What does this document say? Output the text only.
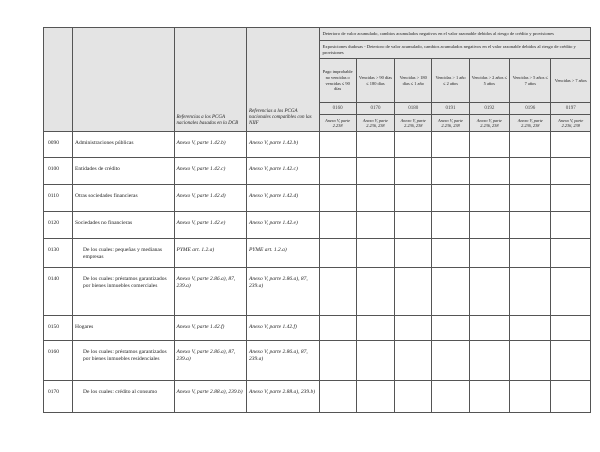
		Referencias a los PCGA nacionales basadas en la DCB	Referencias a los PCGA nacionales compatibles con las NIIF	Deterioro de valor acumulado, cambios acumulados negativos en el valor razonable debidos al riesgo de crédito y provisiones						
				Exposiciones dudosas - Deterioro de valor acumulado, cambios acumulados negativos en el valor razonable debidos al riesgo de crédito y provisiones						
				Pago improbable no vencidas o vencidas ≤ 90 días	Vencidas > 90 días ≤ 180 días	Vencidas > 180 días ≤ 1 año	Vencidas > 1 año ≤ 2 años	Vencidas > 2 años ≤ 5 años	Vencidas > 5 años ≤ 7 años	Vencidas > 7 años
				0160	0170	0180	0191	0192	0196	0197
				Anexo V, parte 2.238	Anexo V, parte 2.236, 238	Anexo V, parte 2.236, 238	Anexo V, parte 2.236, 238	Anexo V, parte 2.236, 238	Anexo V, parte 2.236, 238	Anexo V, parte 2.236, 238
0090	Administraciones públicas	Anexo V, parte 1.42.b)	Anexo V, parte 1.42.b)							
0100	Entidades de crédito	Anexo V, parte 1.42.c)	Anexo V, parte 1.42.c)							
0110	Otras sociedades financieras	Anexo V, parte 1.42.d)	Anexo V, parte 1.42.d)							
0120	Sociedades no financieras	Anexo V, parte 1.42.e)	Anexo V, parte 1.42.e)							
0130	De los cuales: pequeñas y medianas empresas	PYME art. 1.2.a)	PYME art. 1.2.a)							
0140	De los cuales: préstamos garantizados por bienes inmuebles comerciales	Anexo V, parte 2.86.a), 87, 239.a)	Anexo V, parte 2.86.a), 87, 239.a)							
0150	Hogares	Anexo V, parte 1.42.f)	Anexo V, parte 1.42.f)							
0160	De los cuales: préstamos garantizados por bienes inmuebles residenciales	Anexo V, parte 2.86.a), 87, 239.a)	Anexo V, parte 2.86.a), 87, 239.a)							
0170	De los cuales: crédito al consumo	Anexo V, parte 2.88.a), 239.b)	Anexo V, parte 2.88.a), 239.b)							
